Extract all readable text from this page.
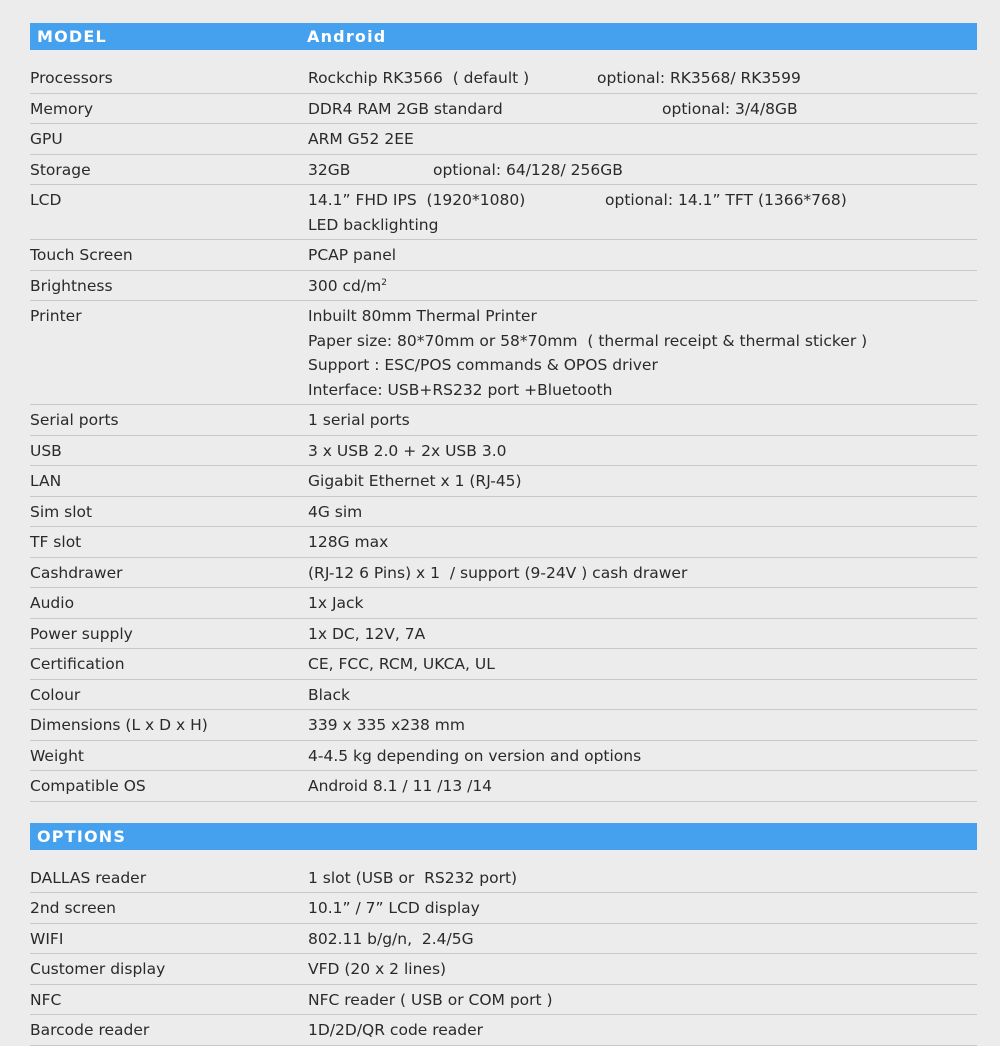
MODEL	Android
Processors	Rockchip RK3566  ( default )	optional: RK3568/ RK3599
Memory	DDR4 RAM 2GB standard	optional: 3/4/8GB
GPU	ARM G52 2EE
Storage	32GB	optional: 64/128/ 256GB
LCD	14.1” FHD IPS  (1920*1080)	optional: 14.1” TFT (1366*768)
LED backlighting
Touch Screen	PCAP panel
Brightness	300 $cd/m^2$
Printer	Inbuilt 80mm Thermal Printer
Paper size: 80*70mm or 58*70mm  ( thermal receipt & thermal sticker )
Support : ESC/POS commands & OPOS driver
Interface: USB+RS232 port +Bluetooth
Serial ports	1 serial ports
USB	3 x USB 2.0 + 2x USB 3.0
LAN	Gigabit Ethernet x 1 (RJ-45)
Sim slot	4G sim
TF slot	128G max
Cashdrawer	(RJ-12 6 Pins) x 1  / support (9-24V ) cash drawer
Audio	1x Jack
Power supply	1x DC, 12V, 7A
Certification	CE, FCC, RCM, UKCA, UL
Colour	Black
Dimensions (L x D x H)	339 x 335 x238 mm
Weight	4-4.5 kg depending on version and options
Compatible OS	Android 8.1 / 11 /13 /14
OPTIONS
DALLAS reader	1 slot (USB or  RS232 port)
2nd screen	10.1” / 7” LCD display
WIFI	802.11 b/g/n,  2.4/5G
Customer display	VFD (20 x 2 lines)
NFC	NFC reader ( USB or COM port )
Barcode reader	1D/2D/QR code reader
